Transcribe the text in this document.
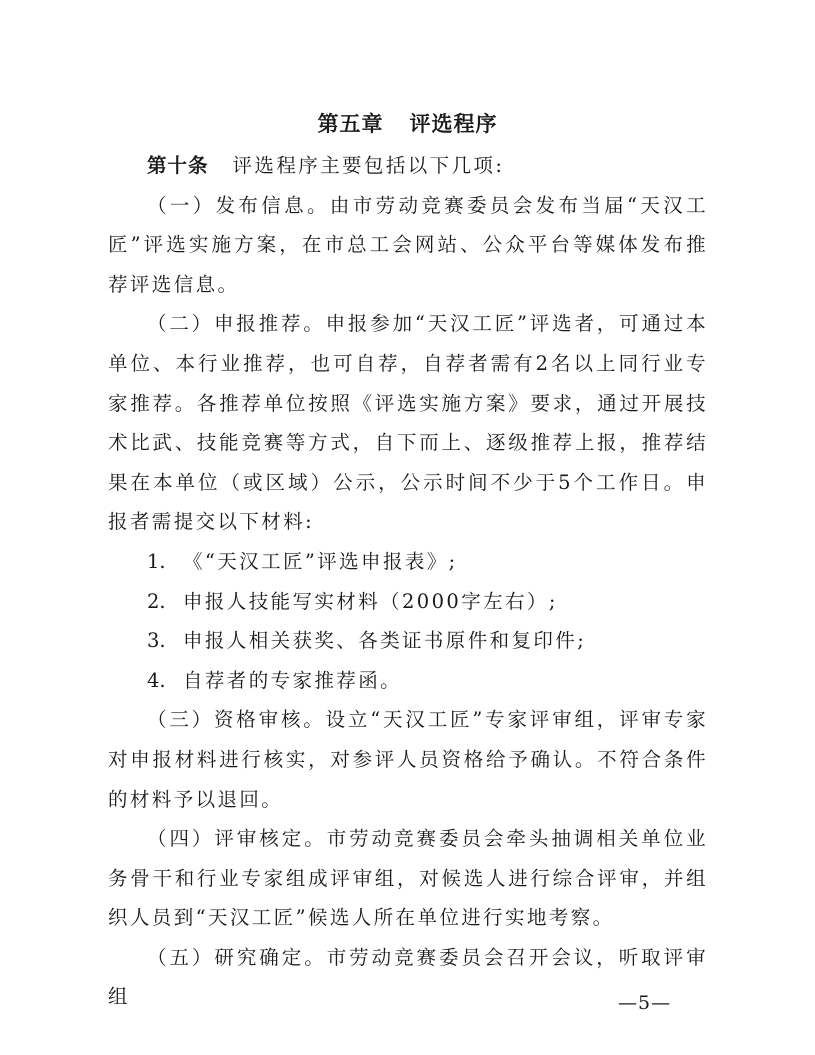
第五章 评选程序

第十条 评选程序主要包括以下几项:

（一）发布信息。由市劳动竞赛委员会发布当届“天汉工匠”评选实施方案，在市总工会网站、公众平台等媒体发布推荐评选信息。

（二）申报推荐。申报参加“天汉工匠”评选者，可通过本单位、本行业推荐，也可自荐，自荐者需有2名以上同行业专家推荐。各推荐单位按照《评选实施方案》要求，通过开展技术比武、技能竞赛等方式，自下而上、逐级推荐上报，推荐结果在本单位（或区域）公示，公示时间不少于5个工作日。申报者需提交以下材料:

1. 《“天汉工匠”评选申报表》;

2. 申报人技能写实材料（2000字左右）;

3. 申报人相关获奖、各类证书原件和复印件;

4. 自荐者的专家推荐函。

（三）资格审核。设立“天汉工匠”专家评审组，评审专家对申报材料进行核实，对参评人员资格给予确认。不符合条件的材料予以退回。

（四）评审核定。市劳动竞赛委员会牵头抽调相关单位业务骨干和行业专家组成评审组，对候选人进行综合评审，并组织人员到“天汉工匠”候选人所在单位进行实地考察。

（五）研究确定。市劳动竞赛委员会召开会议，听取评审组	—5—
